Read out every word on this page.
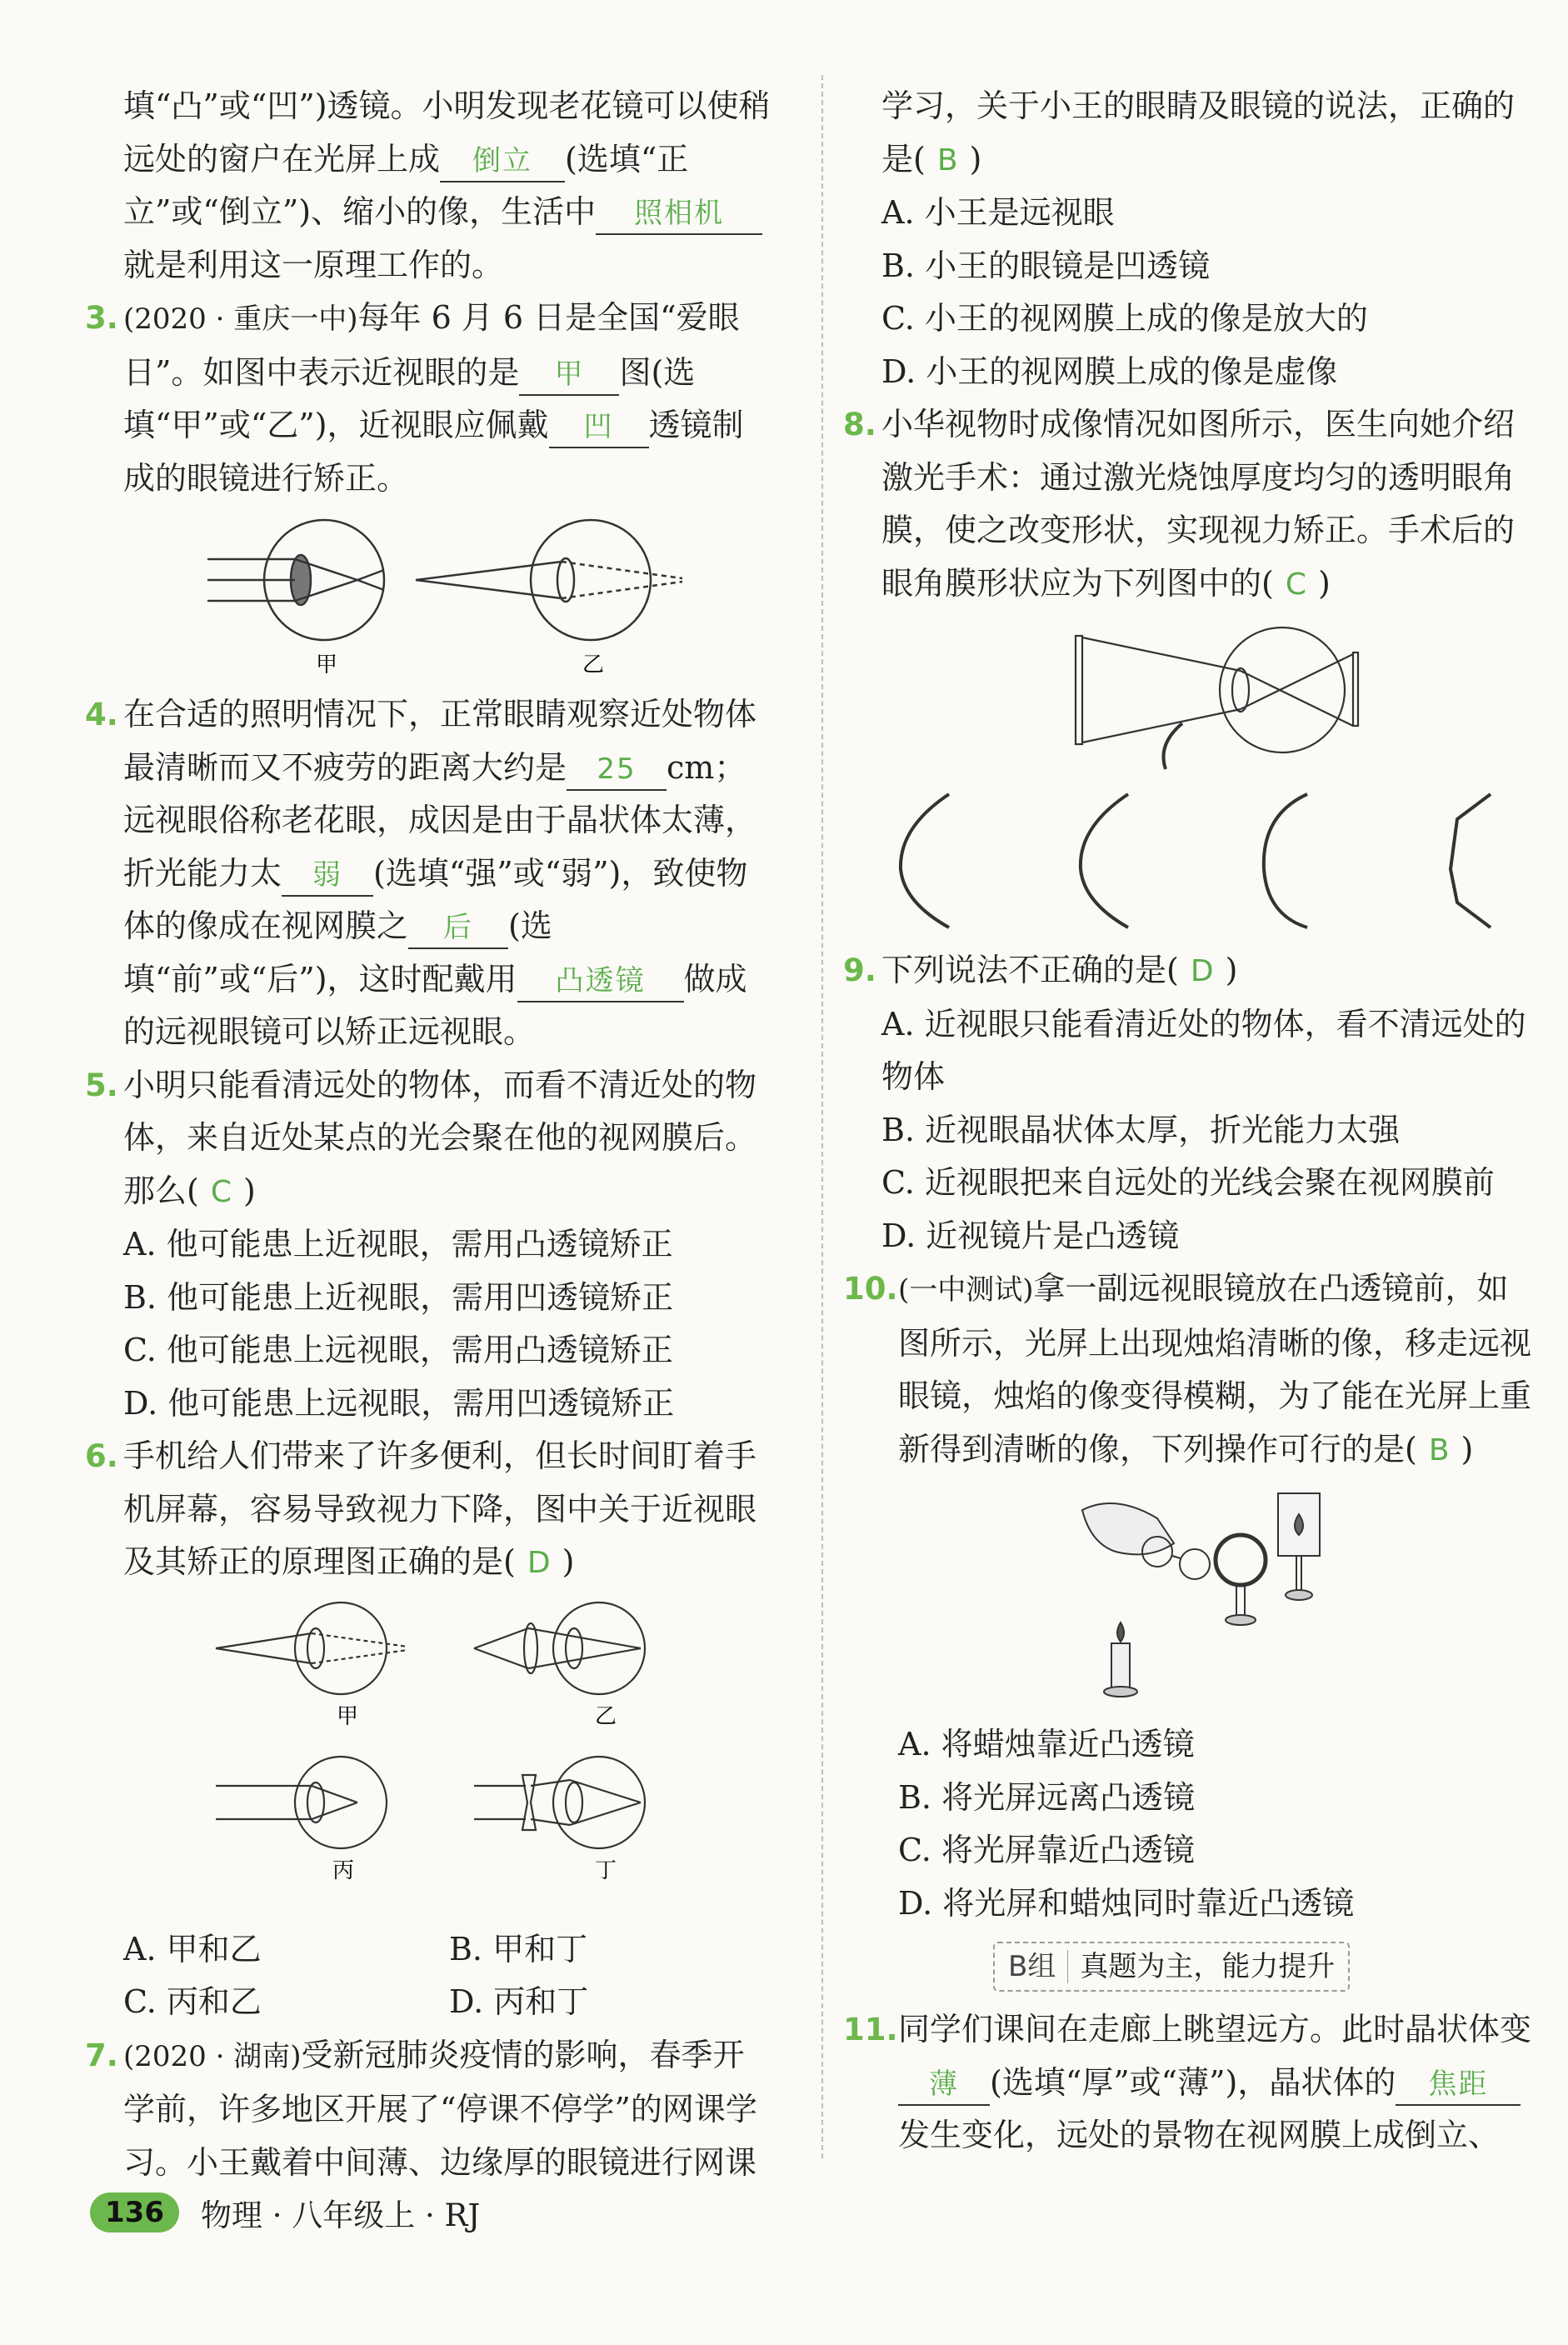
填“凸”或“凹”)透镜。小明发现老花镜可以使稍远处的窗户在光屏上成 倒立 (选填“正立”或“倒立”)、缩小的像，生活中 照相机就是利用这一原理工作的。
3. (2020 · 重庆一中)每年 6 月 6 日是全国“爱眼日”。如图中表示近视眼的是 甲 图(选填“甲”或“乙”)，近视眼应佩戴 凹 透镜制成的眼镜进行矫正。
甲	乙
4. 在合适的照明情况下，正常眼睛观察近处物体最清晰而又不疲劳的距离大约是 25 cm；远视眼俗称老花眼，成因是由于晶状体太薄，折光能力太 弱 (选填“强”或“弱”)，致使物体的像成在视网膜之 后 (选填“前”或“后”)，这时配戴用 凸透镜 做成的远视眼镜可以矫正远视眼。
5. 小明只能看清远处的物体，而看不清近处的物体，来自近处某点的光会聚在他的视网膜后。那么( C )
A. 他可能患上近视眼，需用凸透镜矫正
B. 他可能患上近视眼，需用凹透镜矫正
C. 他可能患上远视眼，需用凸透镜矫正
D. 他可能患上远视眼，需用凹透镜矫正
6. 手机给人们带来了许多便利，但长时间盯着手机屏幕，容易导致视力下降，图中关于近视眼及其矫正的原理图正确的是( D )
甲	乙
丙	丁
A. 甲和乙	B. 甲和丁
C. 丙和乙	D. 丙和丁
7. (2020 · 湖南)受新冠肺炎疫情的影响，春季开学前，许多地区开展了“停课不停学”的网课学习。小王戴着中间薄、边缘厚的眼镜进行网课
学习，关于小王的眼睛及眼镜的说法，正确的是( B )
A. 小王是远视眼
B. 小王的眼镜是凹透镜
C. 小王的视网膜上成的像是放大的
D. 小王的视网膜上成的像是虚像
8. 小华视物时成像情况如图所示，医生向她介绍激光手术：通过激光烧蚀厚度均匀的透明眼角膜，使之改变形状，实现视力矫正。手术后的眼角膜形状应为下列图中的( C )
9. 下列说法不正确的是( D )
A. 近视眼只能看清近处的物体，看不清远处的物体
B. 近视眼晶状体太厚，折光能力太强
C. 近视眼把来自远处的光线会聚在视网膜前
D. 近视镜片是凸透镜
10. (一中测试)拿一副远视眼镜放在凸透镜前，如图所示，光屏上出现烛焰清晰的像，移走远视眼镜，烛焰的像变得模糊，为了能在光屏上重新得到清晰的像，下列操作可行的是( B )
A. 将蜡烛靠近凸透镜
B. 将光屏远离凸透镜
C. 将光屏靠近凸透镜
D. 将光屏和蜡烛同时靠近凸透镜
B组 真题为主，能力提升
11. 同学们课间在走廊上眺望远方。此时晶状体变薄 (选填“厚”或“薄”)，晶状体的 焦距发生变化，远处的景物在视网膜上成倒立、
136	物理 · 八年级上 · RJ
